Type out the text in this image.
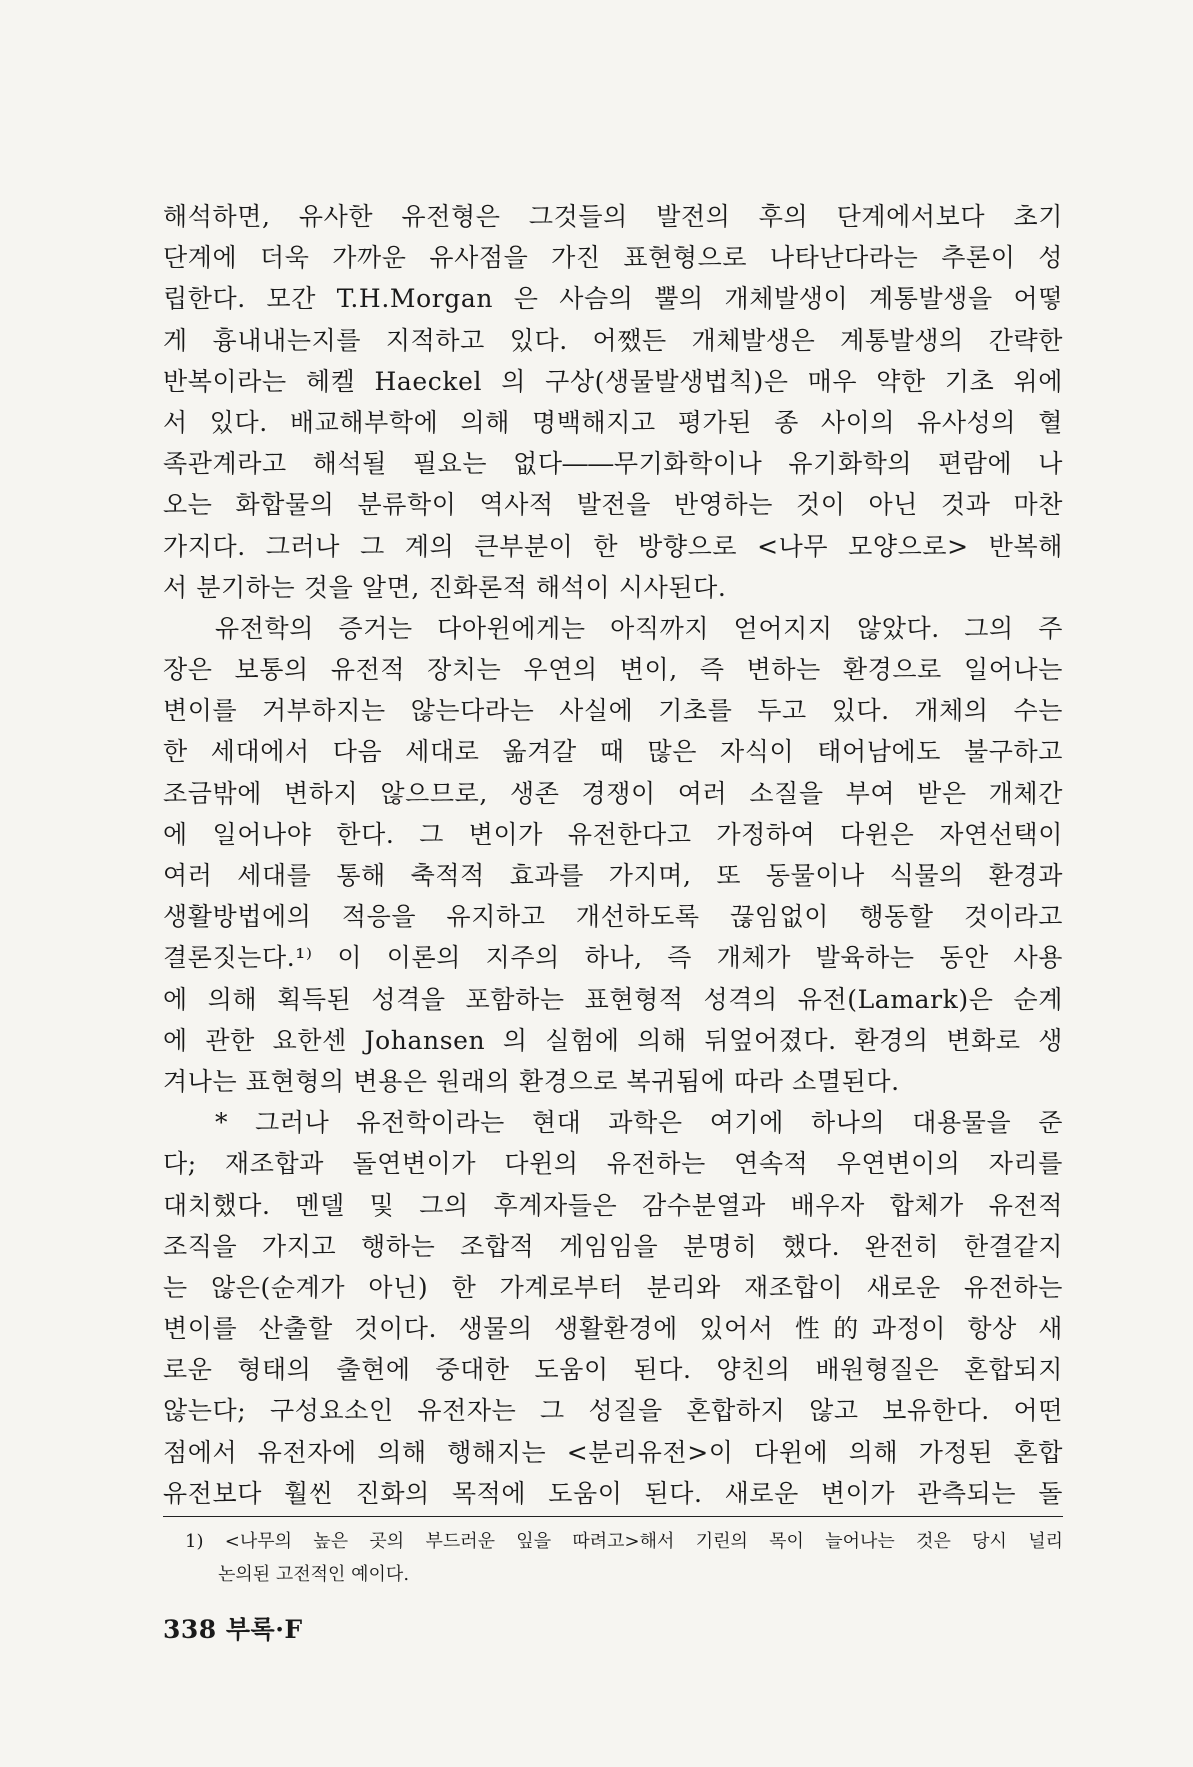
해석하면, 유사한 유전형은 그것들의 발전의 후의 단계에서보다 초기
단계에 더욱 가까운 유사점을 가진 표현형으로 나타난다라는 추론이 성
립한다. 모간 T.H.Morgan 은 사슴의 뿔의 개체발생이 계통발생을 어떻
게 흉내내는지를 지적하고 있다. 어쨌든 개체발생은 계통발생의 간략한
반복이라는 헤켈 Haeckel 의 구상(생물발생법칙)은 매우 약한 기초 위에
서 있다. 배교해부학에 의해 명백해지고 평가된 종 사이의 유사성의 혈
족관계라고 해석될 필요는 없다――무기화학이나 유기화학의 편람에 나
오는 화합물의 분류학이 역사적 발전을 반영하는 것이 아닌 것과 마찬
가지다. 그러나 그 계의 큰부분이 한 방향으로 <나무 모양으로> 반복해
서 분기하는 것을 알면, 진화론적 해석이 시사된다.
유전학의 증거는 다아윈에게는 아직까지 얻어지지 않았다. 그의 주
장은 보통의 유전적 장치는 우연의 변이, 즉 변하는 환경으로 일어나는
변이를 거부하지는 않는다라는 사실에 기초를 두고 있다. 개체의 수는
한 세대에서 다음 세대로 옮겨갈 때 많은 자식이 태어남에도 불구하고
조금밖에 변하지 않으므로, 생존 경쟁이 여러 소질을 부여 받은 개체간
에 일어나야 한다. 그 변이가 유전한다고 가정하여 다윈은 자연선택이
여러 세대를 통해 축적적 효과를 가지며, 또 동물이나 식물의 환경과
생활방법에의 적응을 유지하고 개선하도록 끊임없이 행동할 것이라고
결론짓는다.¹⁾ 이 이론의 지주의 하나, 즉 개체가 발육하는 동안 사용
에 의해 획득된 성격을 포함하는 표현형적 성격의 유전(Lamark)은 순계
에 관한 요한센 Johansen 의 실험에 의해 뒤엎어졌다. 환경의 변화로 생
겨나는 표현형의 변용은 원래의 환경으로 복귀됨에 따라 소멸된다.
* 그러나 유전학이라는 현대 과학은 여기에 하나의 대용물을 준
다; 재조합과 돌연변이가 다윈의 유전하는 연속적 우연변이의 자리를
대치했다. 멘델 및 그의 후계자들은 감수분열과 배우자 합체가 유전적
조직을 가지고 행하는 조합적 게임임을 분명히 했다. 완전히 한결같지
는 않은(순계가 아닌) 한 가계로부터 분리와 재조합이 새로운 유전하는
변이를 산출할 것이다. 생물의 생활환경에 있어서 性的과정이 항상 새
로운 형태의 출현에 중대한 도움이 된다. 양친의 배원형질은 혼합되지
않는다; 구성요소인 유전자는 그 성질을 혼합하지 않고 보유한다. 어떤
점에서 유전자에 의해 행해지는 <분리유전>이 다윈에 의해 가정된 혼합
유전보다 훨씬 진화의 목적에 도움이 된다. 새로운 변이가 관측되는 돌
1) <나무의 높은 곳의 부드러운 잎을 따려고>해서 기린의 목이 늘어나는 것은 당시 널리
논의된 고전적인 예이다.
338 부록·F
